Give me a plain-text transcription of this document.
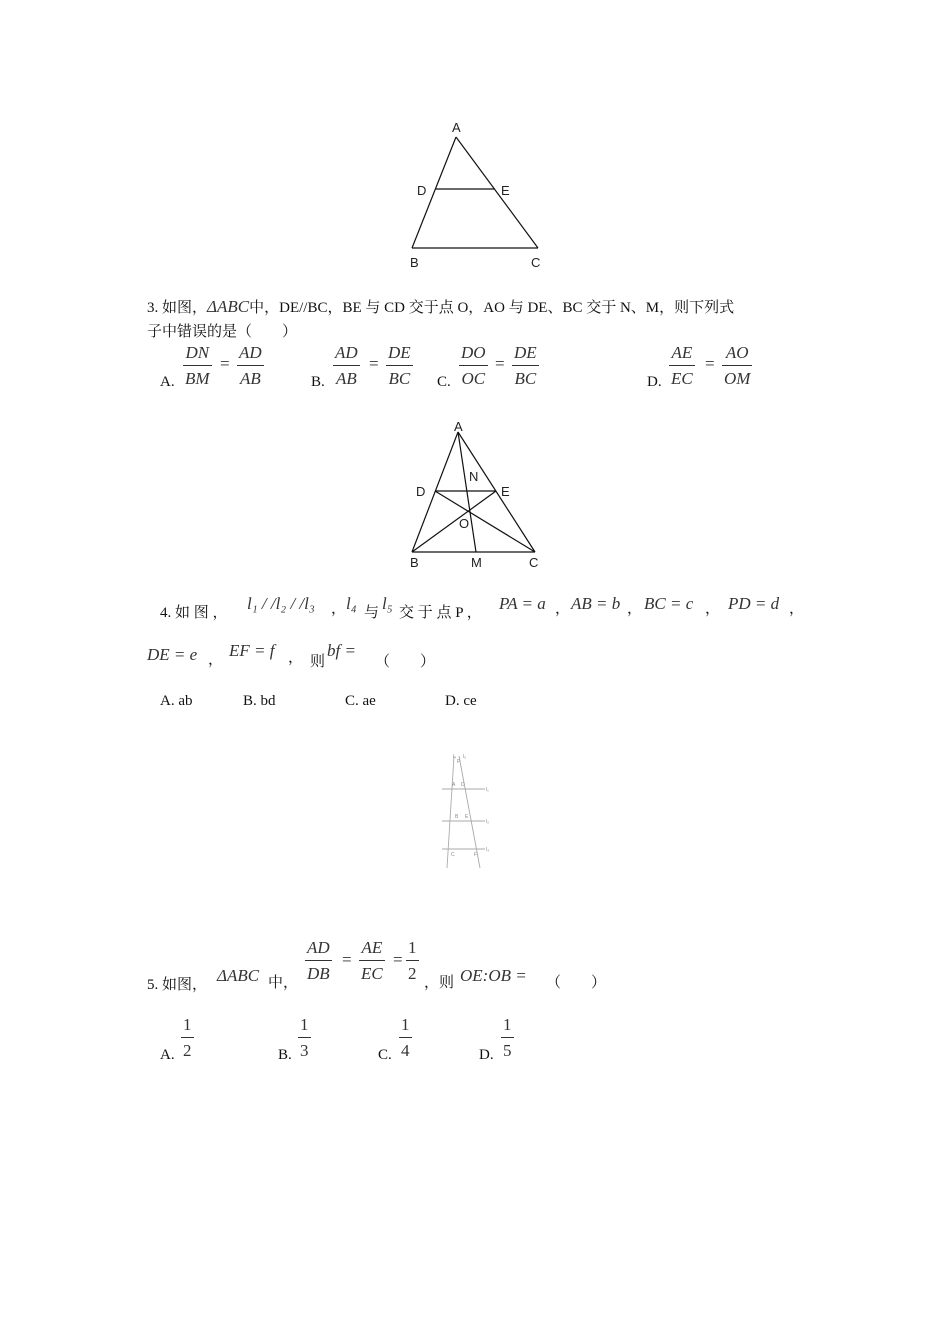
A
D	E
B	C
3. 如图，ΔABC中，DE//BC，BE 与 CD 交于点 O，AO 与 DE、BC 交于 N、M，则下列式
子中错误的是（　　）
A.
DN
BM
=
AD
AB	B.
AD
AB
=
DE
BC C.
DO
OC
=
DE
BC	D.
AE
EC
=
AO
OM
A
N
D	E
O
B	M	C
4. 如 图 ， l₁ / /l₂ / /l₃ ， l₄ 与 l₅ 交 于 点 P ， PA = a ， AB = b ， BC = c ， PD = d ，
DE = e ， EF = f ， 则
bf =
（　　）
A. ab	B. bd	C. ae	D. ce
l₄
P
l₅
A D
l₁
B E
l₂
C	F
l₃
5. 如图， ΔABC 中，
AD
DB
=
AE
EC
=
1
2 ，则 OE:OB = （　　）
A.
1
2	B.
1
3	C.
1
4	D.
1
5
